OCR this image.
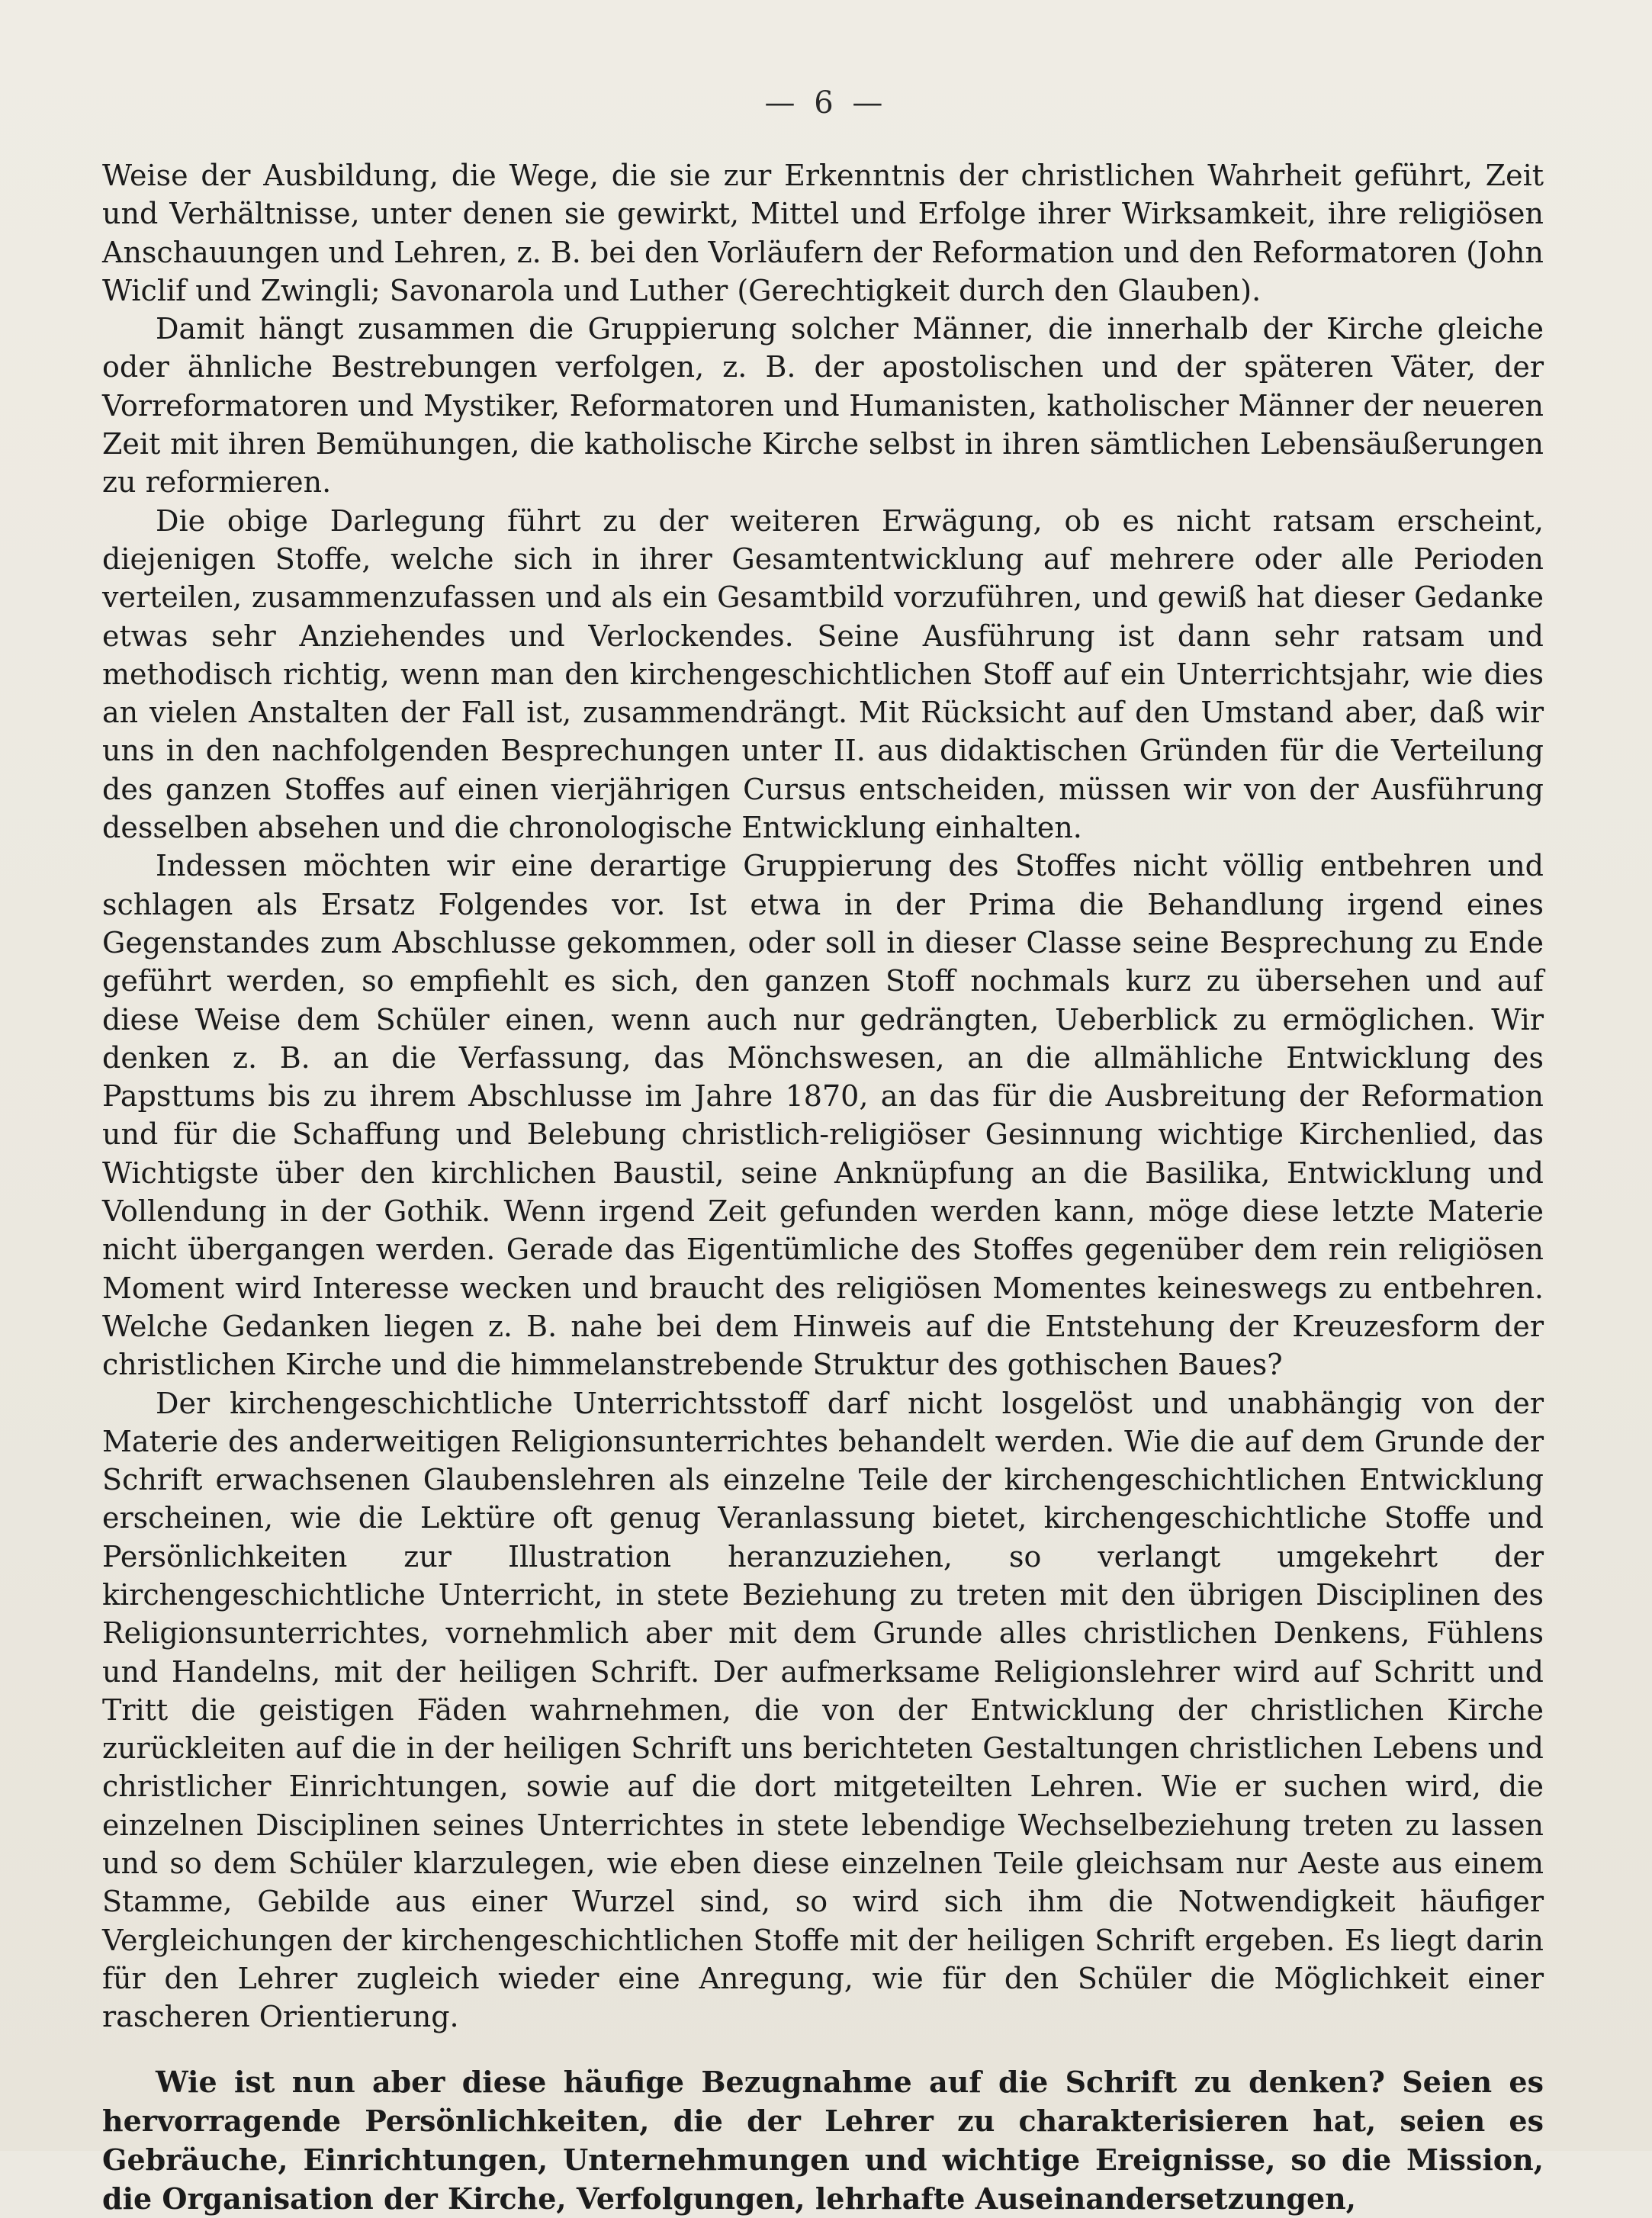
— 6 —

Weise der Ausbildung, die Wege, die sie zur Erkenntnis der christlichen Wahrheit geführt, Zeit und Verhältnisse, unter denen sie gewirkt, Mittel und Erfolge ihrer Wirksamkeit, ihre religiösen Anschauungen und Lehren, z. B. bei den Vorläufern der Reformation und den Reformatoren (John Wiclif und Zwingli; Savonarola und Luther (Gerechtigkeit durch den Glauben).

Damit hängt zusammen die Gruppierung solcher Männer, die innerhalb der Kirche gleiche oder ähnliche Bestrebungen verfolgen, z. B. der apostolischen und der späteren Väter, der Vorreformatoren und Mystiker, Reformatoren und Humanisten, katholischer Männer der neueren Zeit mit ihren Bemühungen, die katholische Kirche selbst in ihren sämtlichen Lebensäußerungen zu reformieren.

Die obige Darlegung führt zu der weiteren Erwägung, ob es nicht ratsam erscheint, diejenigen Stoffe, welche sich in ihrer Gesamtentwicklung auf mehrere oder alle Perioden verteilen, zusammenzufassen und als ein Gesamtbild vorzuführen, und gewiß hat dieser Gedanke etwas sehr Anziehendes und Verlockendes. Seine Ausführung ist dann sehr ratsam und methodisch richtig, wenn man den kirchengeschichtlichen Stoff auf ein Unterrichtsjahr, wie dies an vielen Anstalten der Fall ist, zusammendrängt. Mit Rücksicht auf den Umstand aber, daß wir uns in den nachfolgenden Besprechungen unter II. aus didaktischen Gründen für die Verteilung des ganzen Stoffes auf einen vierjährigen Cursus entscheiden, müssen wir von der Ausführung desselben absehen und die chronologische Entwicklung einhalten.

Indessen möchten wir eine derartige Gruppierung des Stoffes nicht völlig entbehren und schlagen als Ersatz Folgendes vor. Ist etwa in der Prima die Behandlung irgend eines Gegenstandes zum Abschlusse gekommen, oder soll in dieser Classe seine Besprechung zu Ende geführt werden, so empfiehlt es sich, den ganzen Stoff nochmals kurz zu übersehen und auf diese Weise dem Schüler einen, wenn auch nur gedrängten, Ueberblick zu ermöglichen. Wir denken z. B. an die Verfassung, das Mönchswesen, an die allmähliche Entwicklung des Papsttums bis zu ihrem Abschlusse im Jahre 1870, an das für die Ausbreitung der Reformation und für die Schaffung und Belebung christlich-religiöser Gesinnung wichtige Kirchenlied, das Wichtigste über den kirchlichen Baustil, seine Anknüpfung an die Basilika, Entwicklung und Vollendung in der Gothik. Wenn irgend Zeit gefunden werden kann, möge diese letzte Materie nicht übergangen werden. Gerade das Eigentümliche des Stoffes gegenüber dem rein religiösen Moment wird Interesse wecken und braucht des religiösen Momentes keineswegs zu entbehren. Welche Gedanken liegen z. B. nahe bei dem Hinweis auf die Entstehung der Kreuzesform der christlichen Kirche und die himmelanstrebende Struktur des gothischen Baues?

Der kirchengeschichtliche Unterrichtsstoff darf nicht losgelöst und unabhängig von der Materie des anderweitigen Religionsunterrichtes behandelt werden. Wie die auf dem Grunde der Schrift erwachsenen Glaubenslehren als einzelne Teile der kirchengeschichtlichen Entwicklung erscheinen, wie die Lektüre oft genug Veranlassung bietet, kirchengeschichtliche Stoffe und Persönlichkeiten zur Illustration heranzuziehen, so verlangt umgekehrt der kirchengeschichtliche Unterricht, in stete Beziehung zu treten mit den übrigen Disciplinen des Religionsunterrichtes, vornehmlich aber mit dem Grunde alles christlichen Denkens, Fühlens und Handelns, mit der heiligen Schrift. Der aufmerksame Religionslehrer wird auf Schritt und Tritt die geistigen Fäden wahrnehmen, die von der Entwicklung der christlichen Kirche zurückleiten auf die in der heiligen Schrift uns berichteten Gestaltungen christlichen Lebens und christlicher Einrichtungen, sowie auf die dort mitgeteilten Lehren. Wie er suchen wird, die einzelnen Disciplinen seines Unterrichtes in stete lebendige Wechselbeziehung treten zu lassen und so dem Schüler klarzulegen, wie eben diese einzelnen Teile gleichsam nur Aeste aus einem Stamme, Gebilde aus einer Wurzel sind, so wird sich ihm die Notwendigkeit häufiger Vergleichungen der kirchengeschichtlichen Stoffe mit der heiligen Schrift ergeben. Es liegt darin für den Lehrer zugleich wieder eine Anregung, wie für den Schüler die Möglichkeit einer rascheren Orientierung.

Wie ist nun aber diese häufige Bezugnahme auf die Schrift zu denken? Seien es hervorragende Persönlichkeiten, die der Lehrer zu charakterisieren hat, seien es Gebräuche, Einrichtungen, Unternehmungen und wichtige Ereignisse, so die Mission, die Organisation der Kirche, Verfolgungen, lehrhafte Auseinandersetzungen,
